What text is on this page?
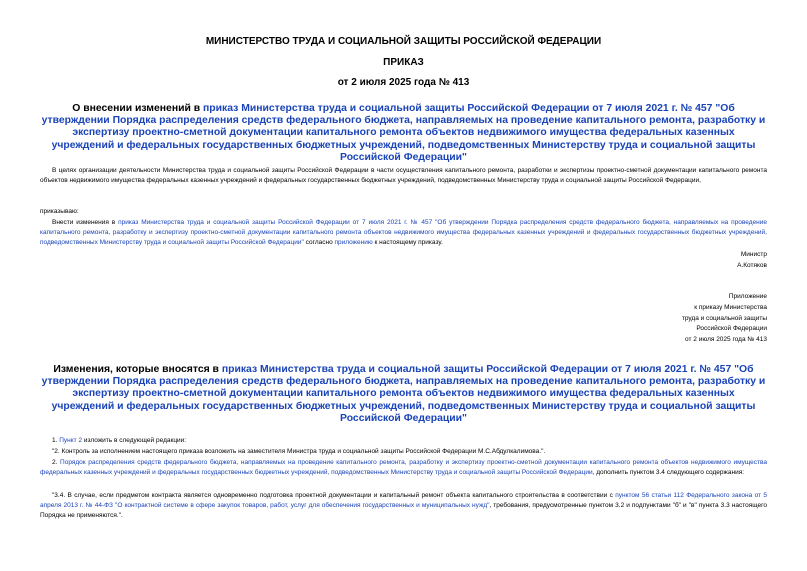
МИНИСТЕРСТВО ТРУДА И СОЦИАЛЬНОЙ ЗАЩИТЫ РОССИЙСКОЙ ФЕДЕРАЦИИ
ПРИКАЗ
от 2 июля 2025 года № 413
О внесении изменений в приказ Министерства труда и социальной защиты Российской Федерации от 7 июля 2021 г. № 457 "Об утверждении Порядка распределения средств федерального бюджета, направляемых на проведение капитального ремонта, разработку и экспертизу проектно-сметной документации капитального ремонта объектов недвижимого имущества федеральных казенных учреждений и федеральных государственных бюджетных учреждений, подведомственных Министерству труда и социальной защиты Российской Федерации"
В целях организации деятельности Министерства труда и социальной защиты Российской Федерации в части осуществления капитального ремонта, разработки и экспертизы проектно-сметной документации капитального ремонта объектов недвижимого имущества федеральных казенных учреждений и федеральных государственных бюджетных учреждений, подведомственных Министерству труда и социальной защиты Российской Федерации,
приказываю:
Внести изменения в приказ Министерства труда и социальной защиты Российской Федерации от 7 июля 2021 г. № 457 "Об утверждении Порядка распределения средств федерального бюджета, направляемых на проведение капитального ремонта, разработку и экспертизу проектно-сметной документации капитального ремонта объектов недвижимого имущества федеральных казенных учреждений и федеральных государственных бюджетных учреждений, подведомственных Министерству труда и социальной защиты Российской Федерации" согласно приложению к настоящему приказу.
Министр
А.Котяков
Приложение
к приказу Министерства
труда и социальной защиты
Российской Федерации
от 2 июля 2025 года № 413
Изменения, которые вносятся в приказ Министерства труда и социальной защиты Российской Федерации от 7 июля 2021 г. № 457 "Об утверждении Порядка распределения средств федерального бюджета, направляемых на проведение капитального ремонта, разработку и экспертизу проектно-сметной документации капитального ремонта объектов недвижимого имущества федеральных казенных учреждений и федеральных государственных бюджетных учреждений, подведомственных Министерству труда и социальной защиты Российской Федерации"
1. Пункт 2 изложить в следующей редакции:
"2. Контроль за исполнением настоящего приказа возложить на заместителя Министра труда и социальной защиты Российской Федерации М.С.Абдулкалимова.".
2. Порядок распределения средств федерального бюджета, направляемых на проведение капитального ремонта, разработку и экспертизу проектно-сметной документации капитального ремонта объектов недвижимого имущества федеральных казенных учреждений и федеральных государственных бюджетных учреждений, подведомственных Министерству труда и социальной защиты Российской Федерации, дополнить пунктом 3.4 следующего содержания:
"3.4. В случае, если предметом контракта является одновременно подготовка проектной документации и капитальный ремонт объекта капитального строительства в соответствии с пунктом 56 статьи 112 Федерального закона от 5 апреля 2013 г. № 44-ФЗ "О контрактной системе в сфере закупок товаров, работ, услуг для обеспечения государственных и муниципальных нужд", требования, предусмотренные пунктом 3.2 и подпунктами "б" и "в" пункта 3.3 настоящего Порядка не применяются.".
